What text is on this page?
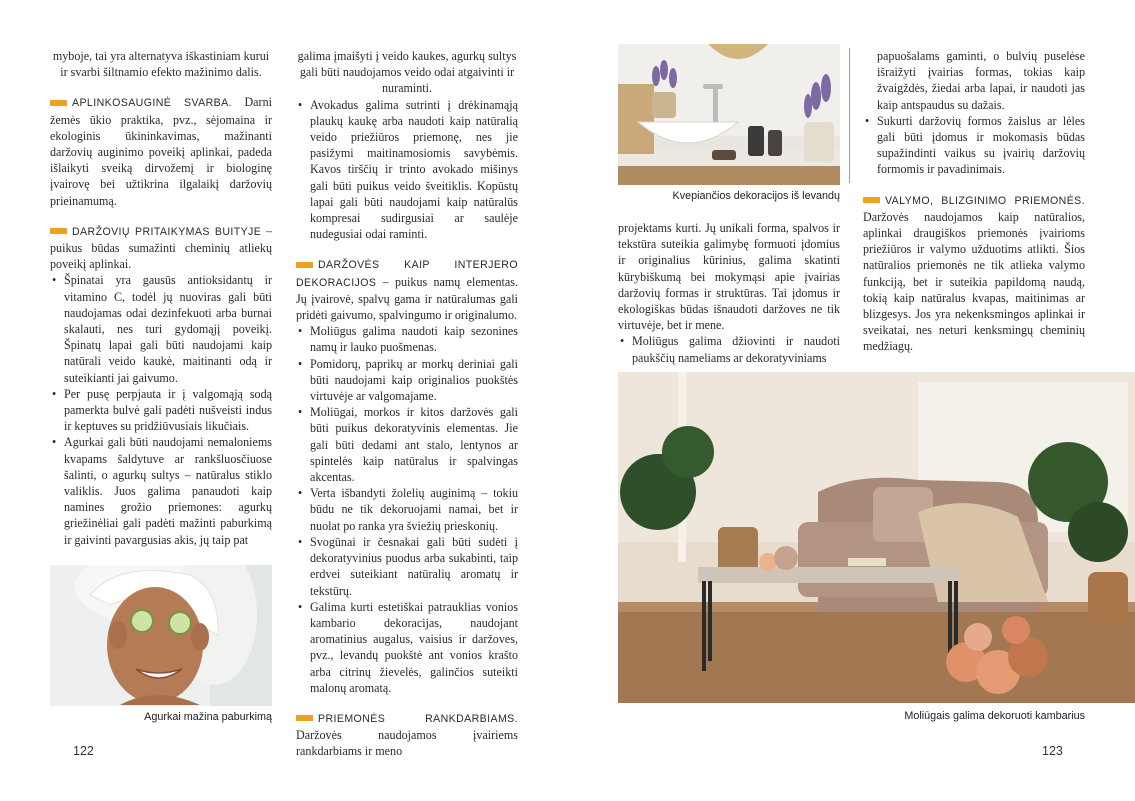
myboje, tai yra alternatyva iškastiniam kurui ir svarbi šiltnamio efekto mažinimo dalis.

APLINKOSAUGINĖ SVARBA. Darni žemės ūkio praktika, pvz., sėjomaina ir ekologinis ūkininkavimas, mažinanti daržovių auginimo poveikį aplinkai, padeda išlaikyti sveiką dirvožemį ir biologinę įvairovę bei užtikrina ilgalaikį daržovių prieinamumą.

DARŽOVIŲ PRITAIKYMAS BUITYJE – puikus būdas sumažinti cheminių atliekų poveikį aplinkai.

• Špinatai yra gausūs antioksidantų ir vitamino C, todėl jų nuoviras gali būti naudojamas odai dezinfekuoti arba burnai skalauti, nes turi gydomąjį poveikį. Špinatų lapai gali būti naudojami kaip natūrali veido kaukė, maitinanti odą ir suteikianti jai gaivumo.
• Per pusę perpjauta ir į valgomąją sodą pamerkta bulvė gali padėti nušveisti indus ir keptuves su pridžiūvusiais likučiais.
• Agurkai gali būti naudojami nemaloniems kvapams šaldytuve ar rankšluosčiuose šalinti, o agurkų sultys – natūralus stiklo valiklis. Juos galima panaudoti kaip namines grožio priemones: agurkų griežinėliai gali padėti mažinti paburkimą ir gaivinti pavargusias akis, jų taip pat
Agurkai mažina paburkimą

galima įmaišyti į veido kaukes, agurkų sultys gali būti naudojamos veido odai atgaivinti ir nuraminti.

• Avokadus galima sutrinti į drėkinamąją plaukų kaukę arba naudoti kaip natūralią veido priežiūros priemonę, nes jie pasižymi maitinamosiomis savybėmis. Kavos tirščių ir trinto avokado mišinys gali būti puikus veido šveitiklis. Kopūstų lapai gali būti naudojami kaip natūralūs kompresai sudirgusiai ar saulėje nudegusiai odai raminti.

DARŽOVĖS KAIP INTERJERO DEKORACIJOS – puikus namų elementas. Jų įvairovė, spalvų gama ir natūralumas gali pridėti gaivumo, spalvingumo ir originalumo.

• Moliūgus galima naudoti kaip sezonines namų ir lauko puošmenas.
• Pomidorų, paprikų ar morkų deriniai gali būti naudojami kaip originalios puokštės virtuvėje ar valgomajame.
• Moliūgai, morkos ir kitos daržovės gali būti puikus dekoratyvinis elementas. Jie gali būti dedami ant stalo, lentynos ar spintelės kaip natūralus ir spalvingas akcentas.
• Verta išbandyti žolelių auginimą – tokiu būdu ne tik dekoruojami namai, bet ir nuolat po ranka yra šviežių prieskonių.
• Svogūnai ir česnakai gali būti sudėti į dekoratyvinius puodus arba sukabinti, taip erdvei suteikiant natūralių aromatų ir tekstūrų.
• Galima kurti estetiškai patrauklias vonios kambario dekoracijas, naudojant aromatinius augalus, vaisius ir daržoves, pvz., levandų puokštė ant vonios krašto arba citrinų žievelės, galinčios suteikti malonų aromatą.

PRIEMONĖS RANKDARBIAMS. Daržovės naudojamos įvairiems rankdarbiams ir meno

122
Kvepiančios dekoracijos iš levandų

projektams kurti. Jų unikali forma, spalvos ir tekstūra suteikia galimybę formuoti įdomius ir originalius kūrinius, galima skatinti kūrybiškumą bei mokymąsi apie įvairias daržovių formas ir struktūras. Tai įdomus ir ekologiškas būdas išnaudoti daržoves ne tik virtuvėje, bet ir mene.

• Moliūgus galima džiovinti ir naudoti paukščių nameliams ar dekoratyviniams
papuošalams gaminti, o bulvių puselėse išraižyti įvairias formas, tokias kaip žvaigždės, žiedai arba lapai, ir naudoti jas kaip antspaudus su dažais.
• Sukurti daržovių formos žaislus ar lėles gali būti įdomus ir mokomasis būdas supažindinti vaikus su įvairių daržovių formomis ir pavadinimais.

VALYMO, BLIZGINIMO PRIEMONĖS. Daržovės naudojamos kaip natūralios, aplinkai draugiškos priemonės įvairioms priežiūros ir valymo užduotims atlikti. Šios natūralios priemonės ne tik atlieka valymo funkciją, bet ir suteikia papildomą naudą, tokią kaip natūralus kvapas, maitinimas ar blizgesys. Jos yra nekenksmingos aplinkai ir sveikatai, nes neturi kenksmingų cheminių medžiagų.

Moliūgais galima dekoruoti kambarius
123
